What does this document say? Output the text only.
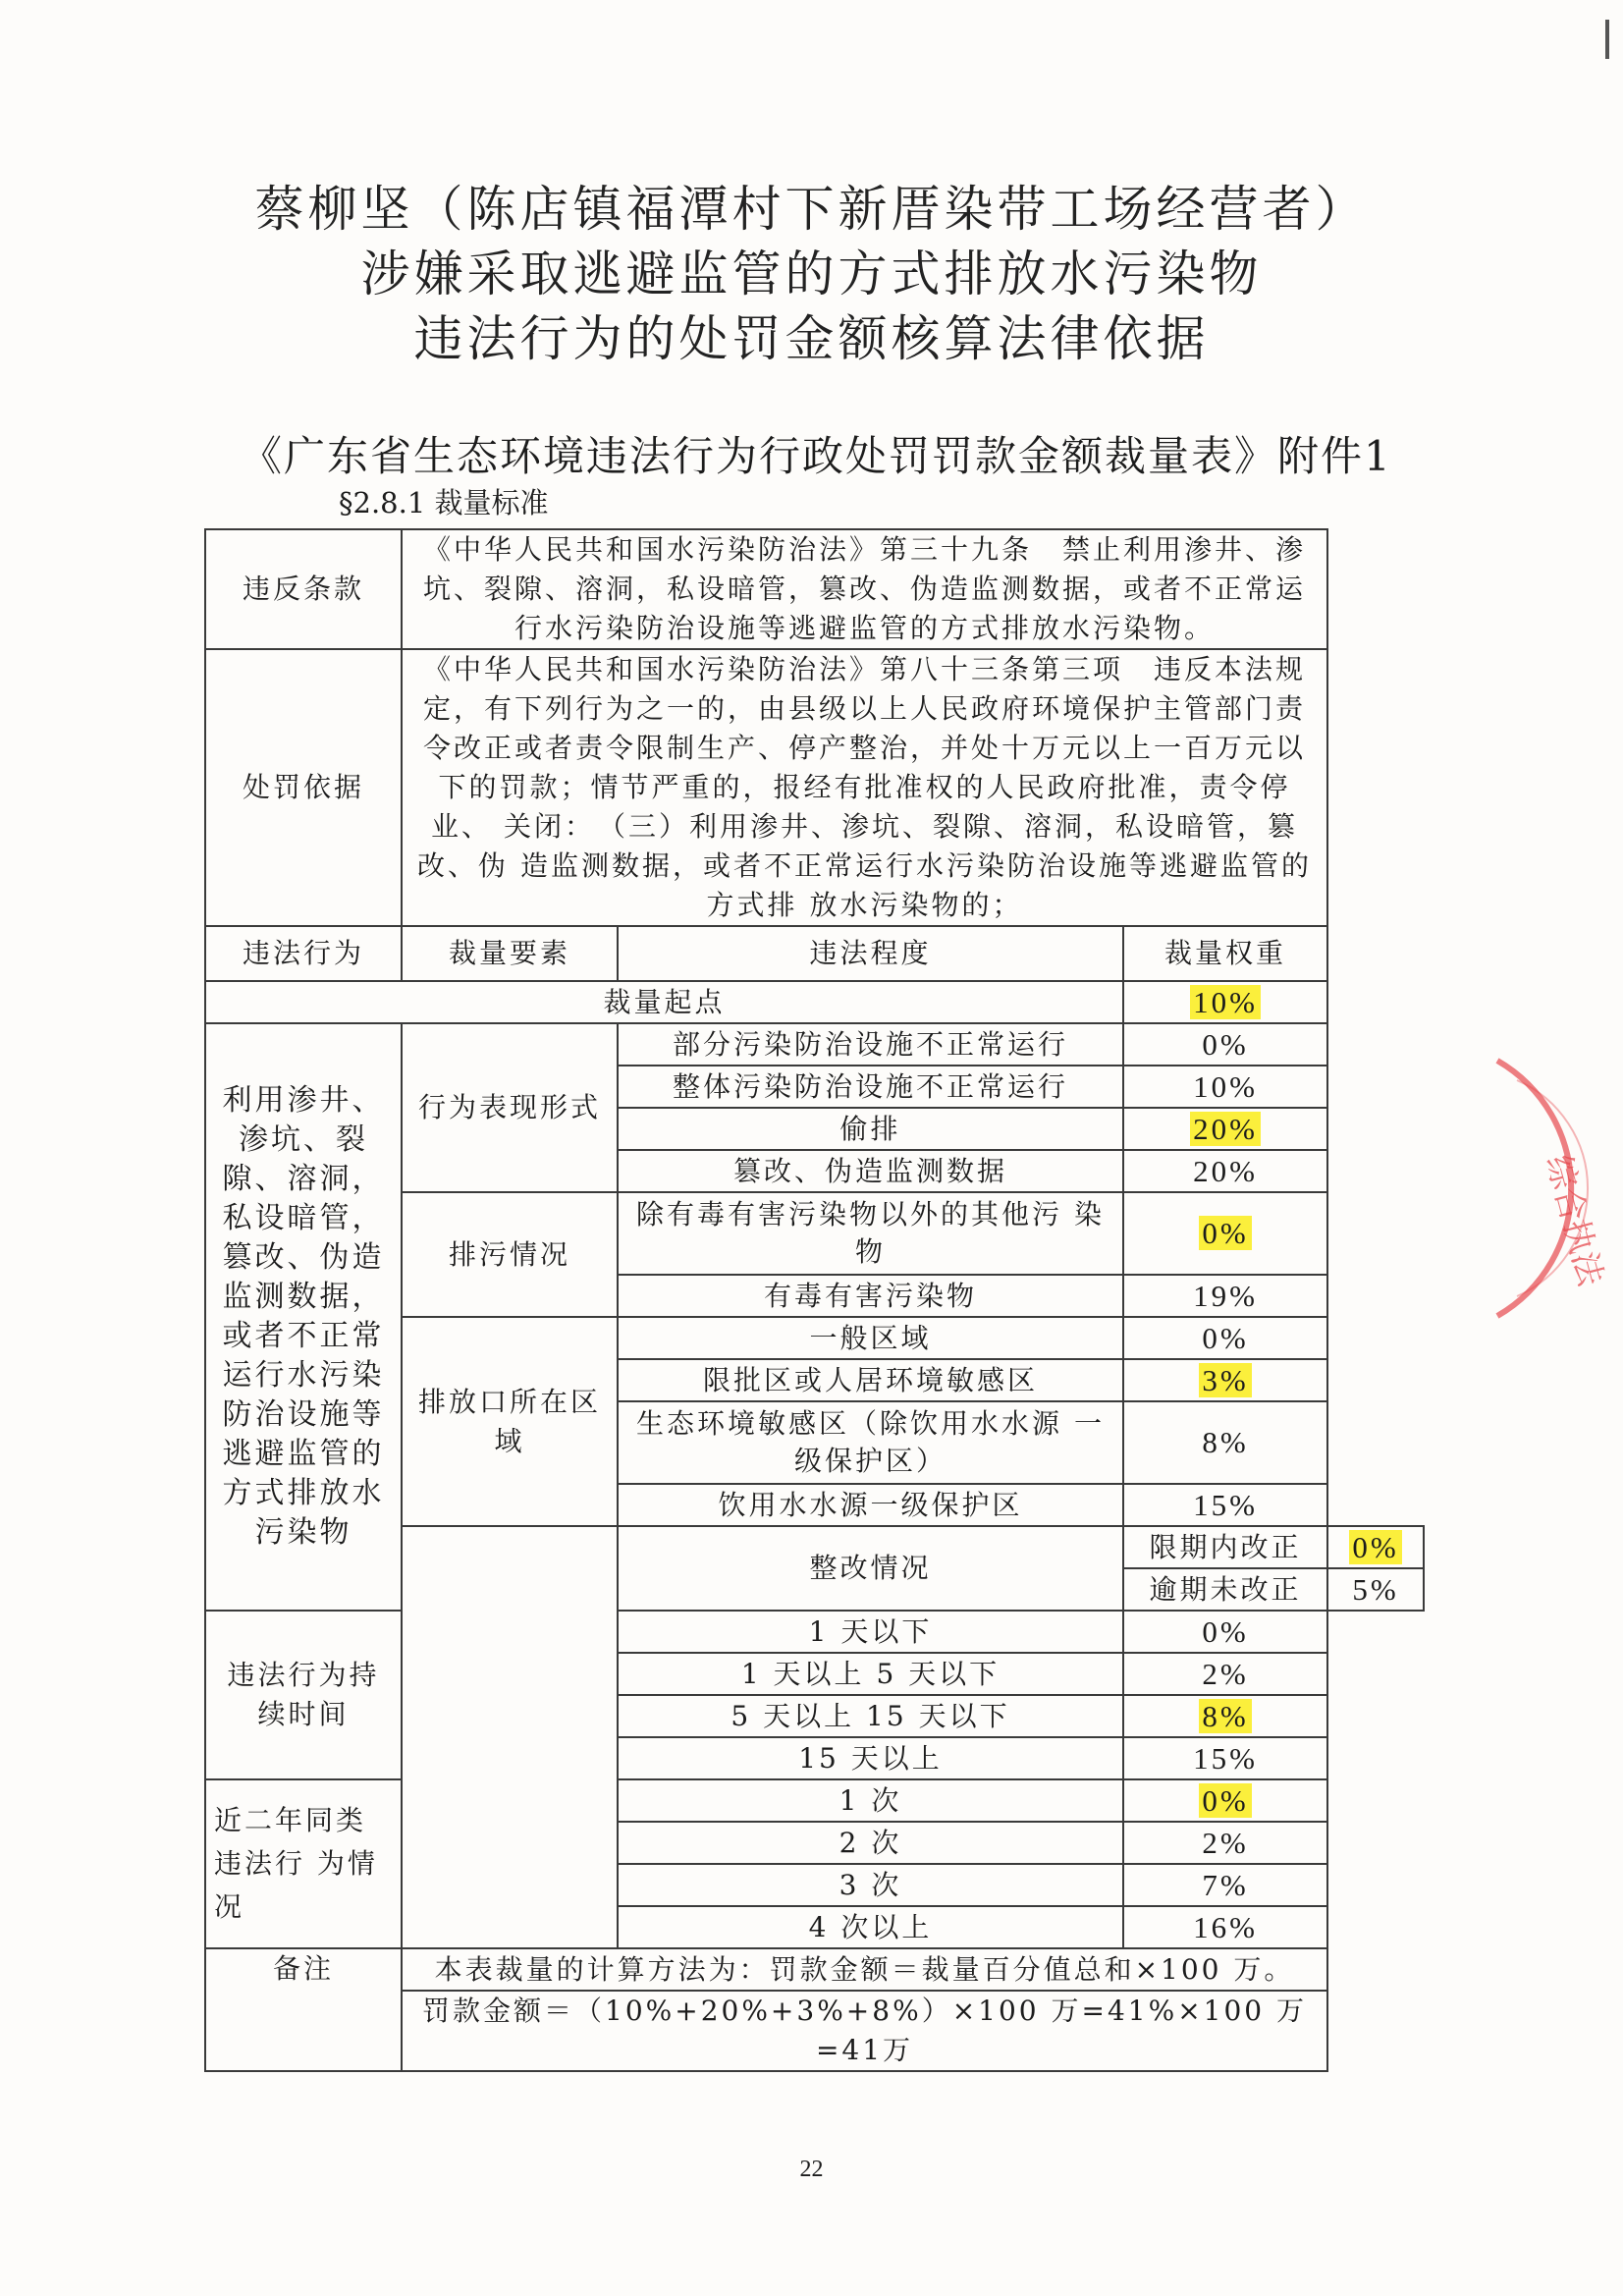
蔡柳坚（陈店镇福潭村下新厝染带工场经营者）
涉嫌采取逃避监管的方式排放水污染物
违法行为的处罚金额核算法律依据
《广东省生态环境违法行为行政处罚罚款金额裁量表》附件1
§2.8.1 裁量标准
违反条款	《中华人民共和国水污染防治法》第三十九条　禁止利用渗井、渗坑、裂隙、溶洞，私设暗管，篡改、伪造监测数据，或者不正常运 行水污染防治设施等逃避监管的方式排放水污染物。			
处罚依据	《中华人民共和国水污染防治法》第八十三条第三项　违反本法规定，有下列行为之一的，由县级以上人民政府环境保护主管部门责 令改正或者责令限制生产、停产整治，并处十万元以上一百万元以 下的罚款；情节严重的，报经有批准权的人民政府批准，责令停业、 关闭：　（三）利用渗井、渗坑、裂隙、溶洞，私设暗管，篡改、伪 造监测数据，或者不正常运行水污染防治设施等逃避监管的方式排 放水污染物的；			
违法行为	裁量要素	违法程度	裁量权重	
裁量起点			10%	
利用渗井、渗坑、裂隙、溶洞，私设暗管，篡改、伪造监测数据，或者不正常运行水污染防治设施等逃避监管的方式排放水污染物	行为表现形式	部分污染防治设施不正常运行	0%	
		整体污染防治设施不正常运行	10%	
		偷排	20%	
		篡改、伪造监测数据	20%	
	排污情况	除有毒有害污染物以外的其他污 染物	0%	
		有毒有害污染物	19%	
	排放口所在区域	一般区域	0%	
		限批区或人居环境敏感区	3%	
		生态环境敏感区（除饮用水水源 一级保护区）	8%	
		饮用水水源一级保护区	15%	
		整改情况	限期内改正	0%
			逾期未改正	5%
违法行为持续时间		1 天以下	0%	
		1 天以上 5 天以下	2%	
		5 天以上 15 天以下	8%	
		15 天以上	15%	
近二年同类违法行 为情况		1 次	0%	
		2 次	2%	
		3 次	7%	
		4 次以上	16%	
备注	本表裁量的计算方法为：罚款金额＝裁量百分值总和×100 万。			
	罚款金额＝（10%+20%+3%+8%）×100 万=41%×100 万=41万			
22
综合执法
